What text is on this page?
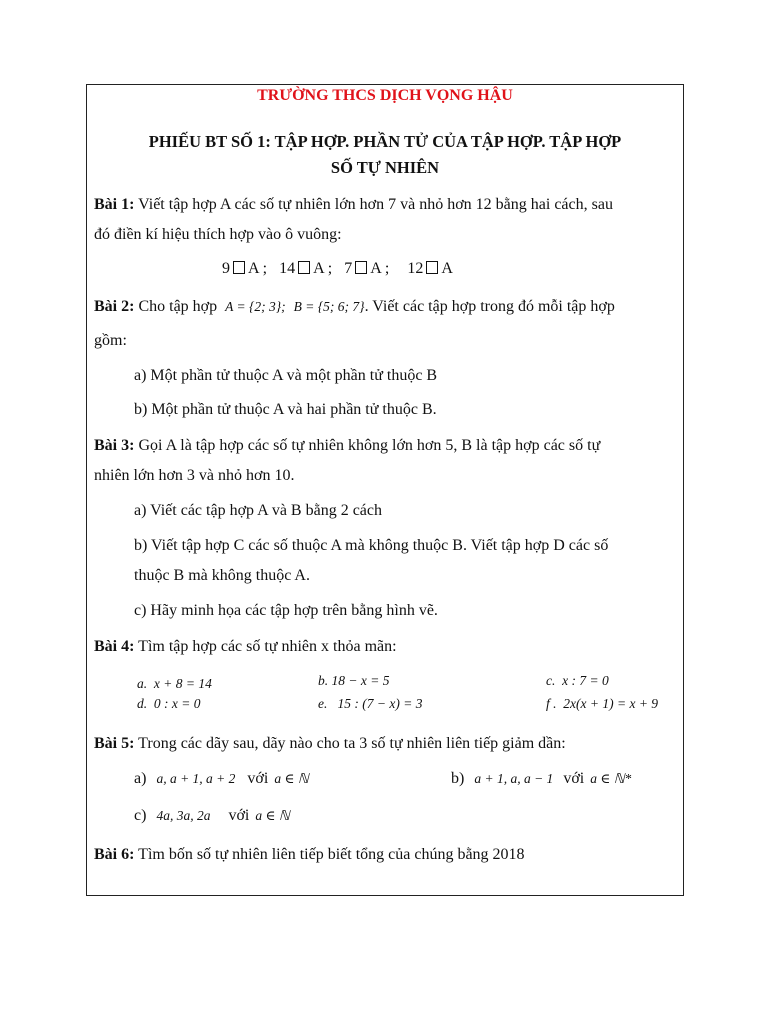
TRƯỜNG THCS DỊCH VỌNG HẬU
PHIẾU BT SỐ 1: TẬP HỢP. PHẦN TỬ CỦA TẬP HỢP. TẬP HỢP
SỐ TỰ NHIÊN
Bài 1: Viết tập hợp A các số tự nhiên lớn hơn 7 và nhỏ hơn 12 bằng hai cách, sau
đó điền kí hiệu thích hợp vào ô vuông:
9 A ; 14 A ; 7 A ; 12 A
Bài 2: Cho tập hợp A = {2; 3}; B = {5; 6; 7}. Viết các tập hợp trong đó mỗi tập hợp
gồm:
a) Một phần tử thuộc A và một phần tử thuộc B
b) Một phần tử thuộc A và hai phần tử thuộc B.
Bài 3: Gọi A là tập hợp các số tự nhiên không lớn hơn 5, B là tập hợp các số tự
nhiên lớn hơn 3 và nhỏ hơn 10.
a) Viết các tập hợp A và B bằng 2 cách
b) Viết tập hợp C các số thuộc A mà không thuộc B. Viết tập hợp D các số
thuộc B mà không thuộc A.
c) Hãy minh họa các tập hợp trên bằng hình vẽ.
Bài 4: Tìm tập hợp các số tự nhiên x thỏa mãn:
a. x + 8 = 14	b. 18 − x = 5	c. x : 7 = 0
d. 0 : x = 0	e. 15 : (7 − x) = 3	f . 2x(x + 1) = x + 9
Bài 5: Trong các dãy sau, dãy nào cho ta 3 số tự nhiên liên tiếp giảm dần:
a) a, a + 1, a + 2 với a ∈ ℕ	b) a + 1, a, a − 1 với a ∈ ℕ*
c) 4a, 3a, 2a với a ∈ ℕ
Bài 6: Tìm bốn số tự nhiên liên tiếp biết tổng của chúng bằng 2018
